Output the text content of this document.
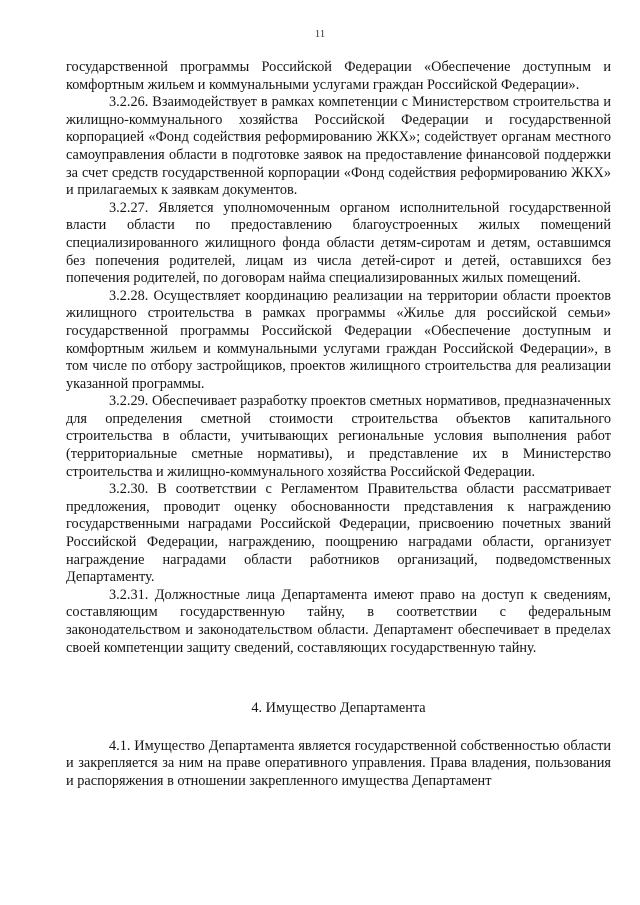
11

государственной программы Российской Федерации «Обеспечение доступным и комфортным жильем и коммунальными услугами граждан Российской Федерации».

3.2.26. Взаимодействует в рамках компетенции с Министерством строительства и жилищно-коммунального хозяйства Российской Федерации и государственной корпорацией «Фонд содействия реформированию ЖКХ»; содействует органам местного самоуправления области в подготовке заявок на предоставление финансовой поддержки за счет средств государственной корпорации «Фонд содействия реформированию ЖКХ» и прилагаемых к заявкам документов.

3.2.27. Является уполномоченным органом исполнительной государственной власти области по предоставлению благоустроенных жилых помещений специализированного жилищного фонда области детям-сиротам и детям, оставшимся без попечения родителей, лицам из числа детей-сирот и детей, оставшихся без попечения родителей, по договорам найма специализированных жилых помещений.

3.2.28. Осуществляет координацию реализации на территории области проектов жилищного строительства в рамках программы «Жилье для российской семьи» государственной программы Российской Федерации «Обеспечение доступным и комфортным жильем и коммунальными услугами граждан Российской Федерации», в том числе по отбору застройщиков, проектов жилищного строительства для реализации указанной программы.

3.2.29. Обеспечивает разработку проектов сметных нормативов, предназначенных для определения сметной стоимости строительства объектов капитального строительства в области, учитывающих региональные условия выполнения работ (территориальные сметные нормативы), и представление их в Министерство строительства и жилищно-коммунального хозяйства Российской Федерации.

3.2.30. В соответствии с Регламентом Правительства области рассматривает предложения, проводит оценку обоснованности представления к награждению государственными наградами Российской Федерации, присвоению почетных званий Российской Федерации, награждению, поощрению наградами области, организует награждение наградами области работников организаций, подведомственных Департаменту.

3.2.31. Должностные лица Департамента имеют право на доступ к сведениям, составляющим государственную тайну, в соответствии с федеральным законодательством и законодательством области. Департамент обеспечивает в пределах своей компетенции защиту сведений, составляющих государственную тайну.

4. Имущество Департамента

4.1. Имущество Департамента является государственной собственностью области и закрепляется за ним на праве оперативного управления. Права владения, пользования и распоряжения в отношении закрепленного имущества Департамент
